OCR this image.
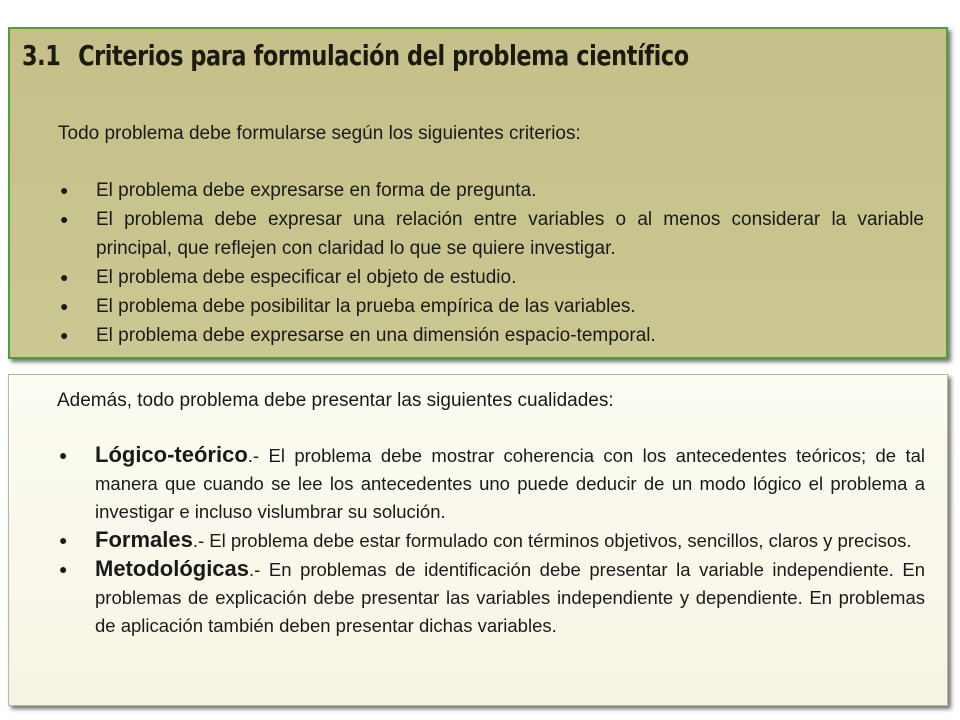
3.1 Criterios para formulación del problema científico

Todo problema debe formularse según los siguientes criterios:

● El problema debe expresarse en forma de pregunta.
● El problema debe expresar una relación entre variables o al menos considerar la variable principal, que reflejen con claridad lo que se quiere investigar.
● El problema debe especificar el objeto de estudio.
● El problema debe posibilitar la prueba empírica de las variables.
● El problema debe expresarse en una dimensión espacio-temporal.

Además, todo problema debe presentar las siguientes cualidades:

● Lógico-teórico.- El problema debe mostrar coherencia con los antecedentes teóricos; de tal manera que cuando se lee los antecedentes uno puede deducir de un modo lógico el problema a investigar e incluso vislumbrar su solución.
● Formales.- El problema debe estar formulado con términos objetivos, sencillos, claros y precisos.
● Metodológicas.- En problemas de identificación debe presentar la variable independiente. En problemas de explicación debe presentar las variables independiente y dependiente. En problemas de aplicación también deben presentar dichas variables.
